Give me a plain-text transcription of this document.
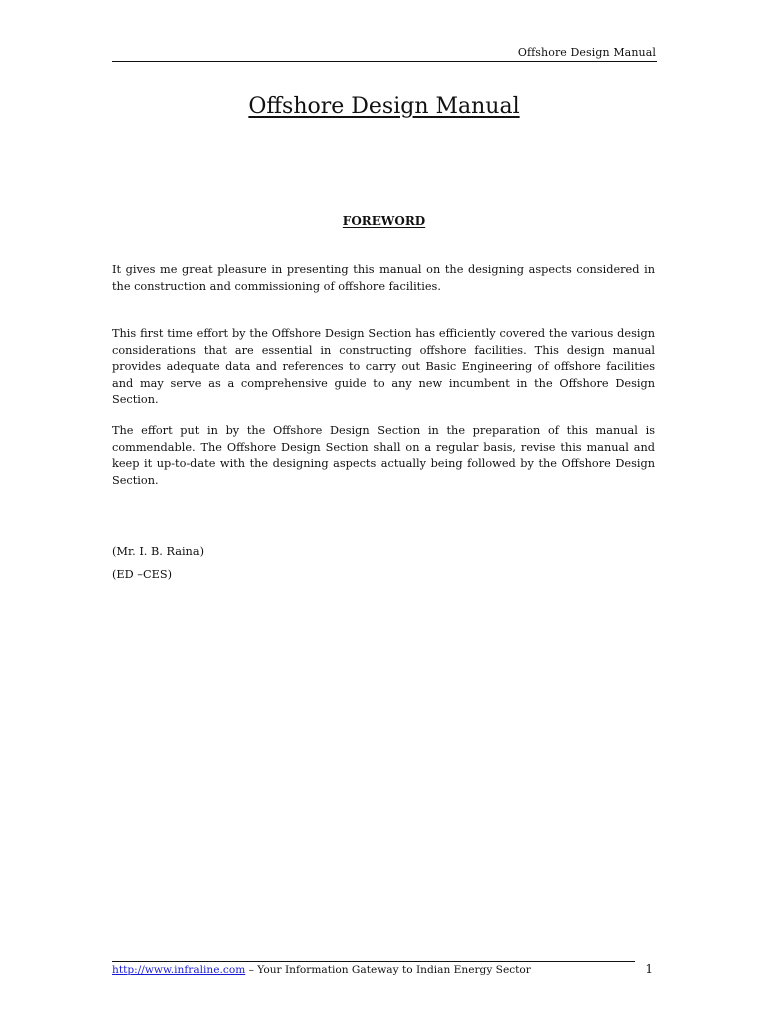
Offshore Design Manual
Offshore Design Manual
FOREWORD

It gives me great pleasure in presenting this manual on the designing aspects considered in the construction and commissioning of offshore facilities.

This first time effort by the Offshore Design Section has efficiently covered the various design considerations that are essential in constructing offshore facilities. This design manual provides adequate data and references to carry out Basic Engineering of offshore facilities and may serve as a comprehensive guide to any new incumbent in the Offshore Design Section.

The effort put in by the Offshore Design Section in the preparation of this manual is commendable. The Offshore Design Section shall on a regular basis, revise this manual and keep it up-to-date with the designing aspects actually being followed by the Offshore Design Section.

(Mr. I. B. Raina)
(ED –CES)
http://www.infraline.com – Your Information Gateway to Indian Energy Sector	1
